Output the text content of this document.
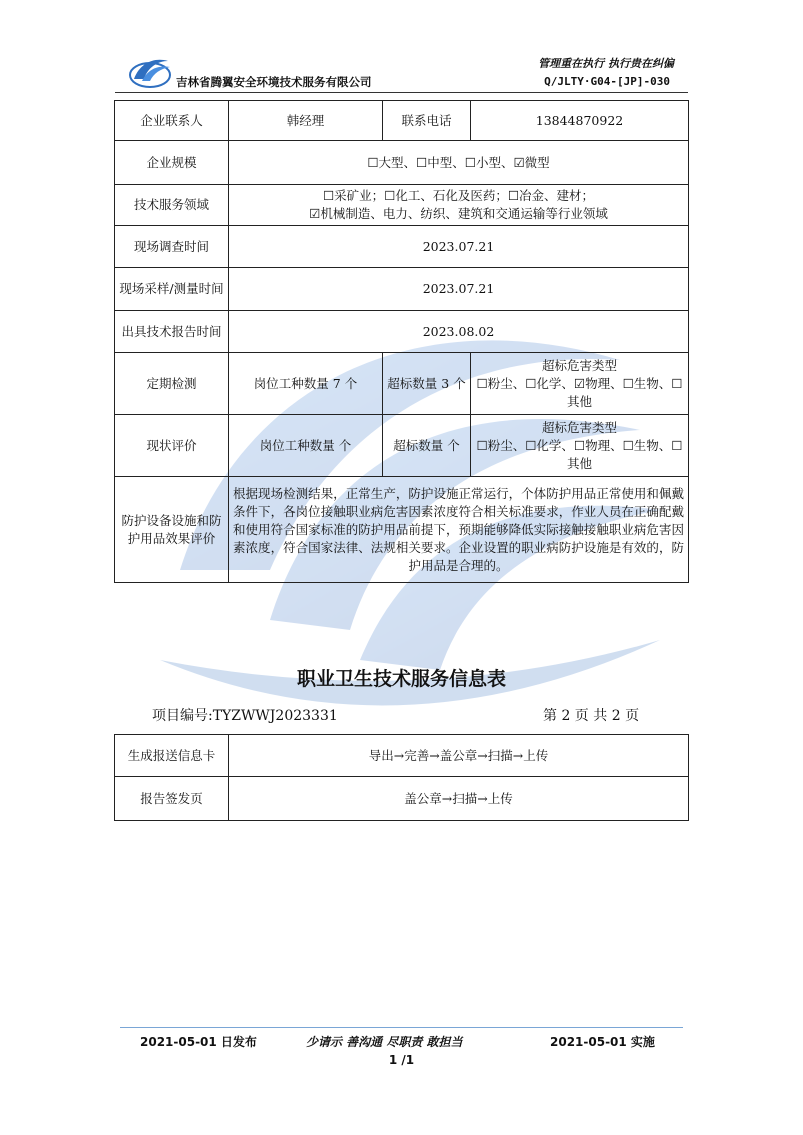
吉林省腾翼安全环境技术服务有限公司
管理重在执行 执行贵在纠偏
Q/JLTY·G04-[JP]-030
企业联系人	韩经理	联系电话	13844870922
企业规模	☐大型、☐中型、☐小型、☑微型		
技术服务领域	☐采矿业；☐化工、石化及医药；☐冶金、建材；
☑机械制造、电力、纺织、建筑和交通运输等行业领域		

现场调查时间	2023.07.21		
现场采样/测量时间	2023.07.21		
出具技术报告时间	2023.08.02		
定期检测	岗位工种数量 7 个	超标数量 3 个	超标危害类型
☐粉尘、☐化学、☑物理、☐生物、☐其他

现状评价	岗位工种数量 个	超标数量 个	超标危害类型
☐粉尘、☐化学、☐物理、☐生物、☐其他

防护设备设施和防护用品效果评价	根据现场检测结果，正常生产，防护设施正常运行，个体防护用品正常使用和佩戴条件下，各岗位接触职业病危害因素浓度符合相关标准要求，作业人员在正确配戴和使用符合国家标准的防护用品前提下，预期能够降低实际接触接触职业病危害因素浓度，符合国家法律、法规相关要求。企业设置的职业病防护设施是有效的，防护用品是合理的。		
职业卫生技术服务信息表
项目编号:TYZWWJ2023331	第 2 页 共 2 页
生成报送信息卡	导出→完善→盖公章→扫描→上传
报告签发页	盖公章→扫描→上传
2021-05-01 日发布	少请示 善沟通 尽职责 敢担当	2021-05-01 实施
1 /1
